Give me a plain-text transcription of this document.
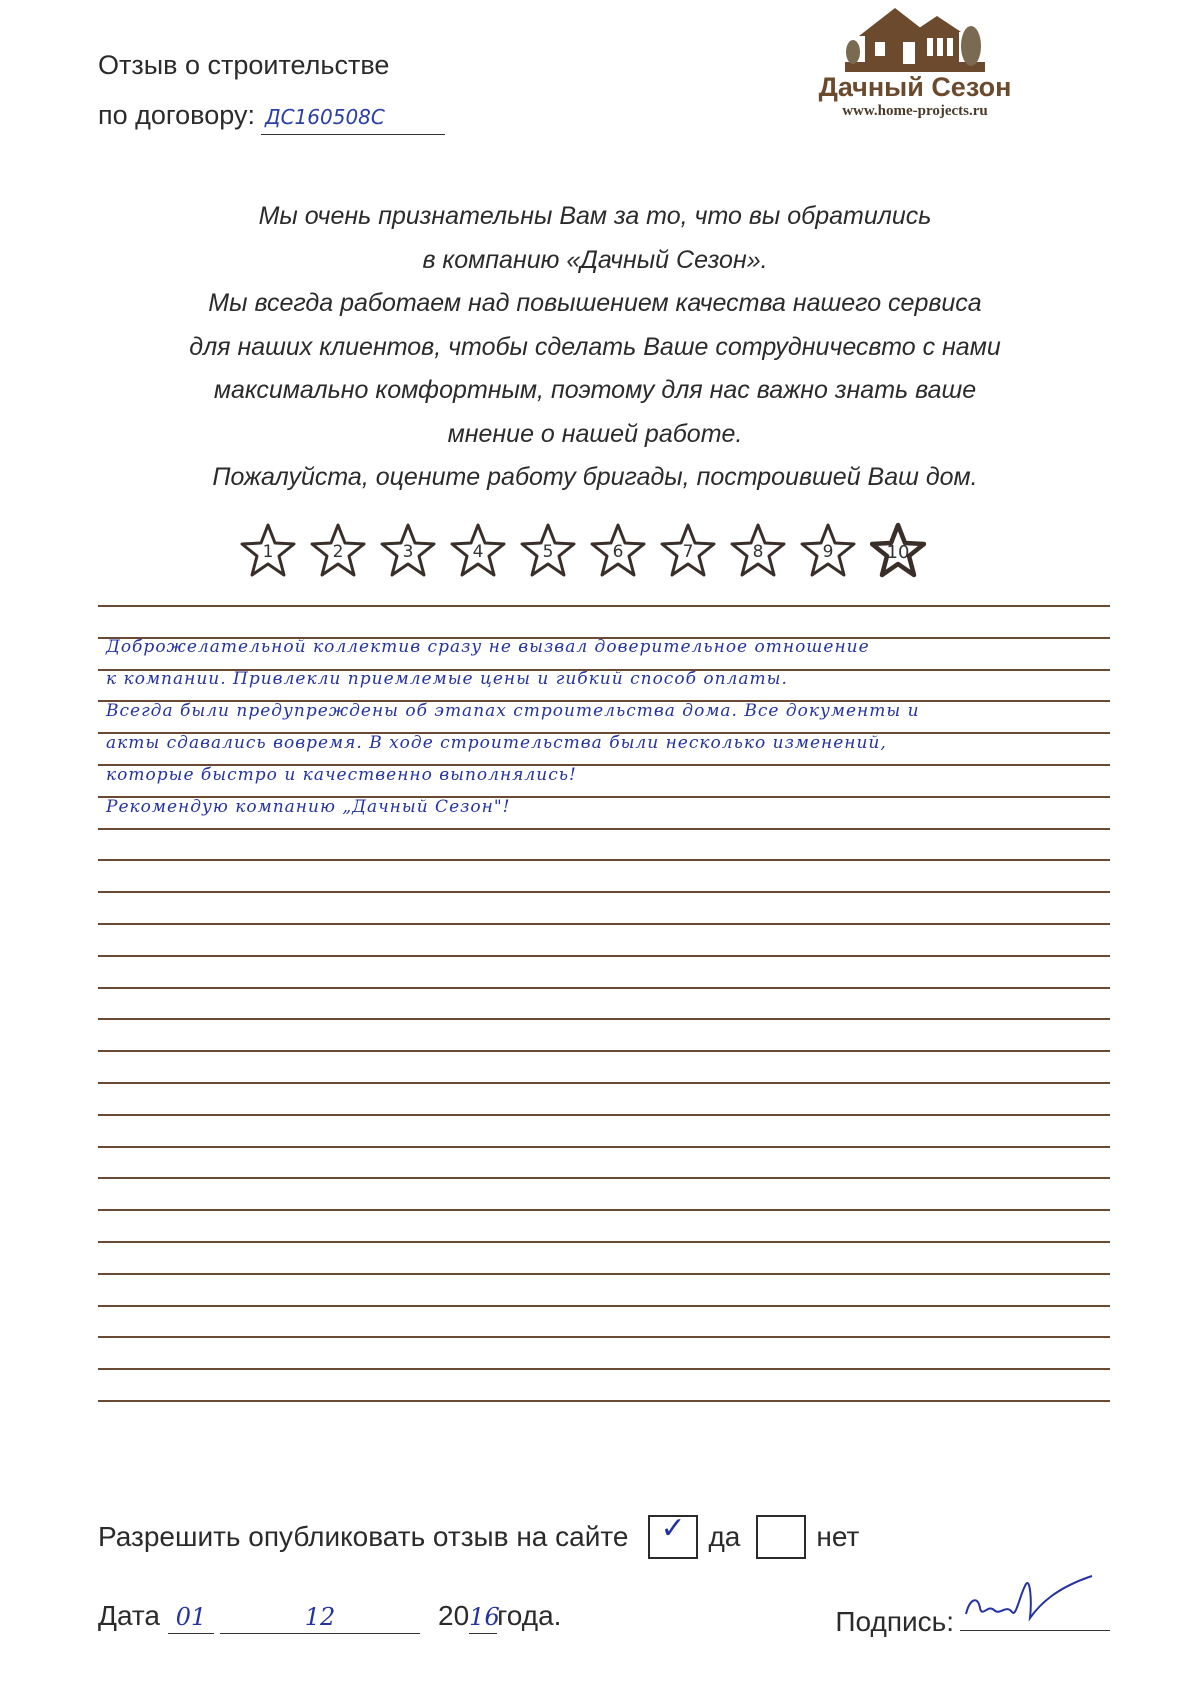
Отзыв о строительстве
по договору: ДС160508С
Дачный Сезон
www.home-projects.ru

Мы очень признательны Вам за то, что вы обратились

в компанию «Дачный Сезон».

Мы всегда работаем над повышением качества нашего сервиса

для наших клиентов, чтобы сделать Ваше сотрудничесвто с нами

максимально комфортным, поэтому для нас важно знать ваше

мнение о нашей работе.

Пожалуйста, оцените работу бригады, построившей Ваш дом.

1	2	3	4	5	6	7	8	9	10
Доброжелательной коллектив сразу не вызвал доверительное отношение
к компании. Привлекли приемлемые цены и гибкий способ оплаты.
Всегда были предупреждены об этапах строительства дома. Все документы и
акты сдавались вовремя. В ходе строительства были несколько изменений,
которые быстро и качественно выполнялись!
Рекомендую компанию „Дачный Сезон"!
Разрешить опубликовать отзыв на сайте ✓ да	нет
Дата 01	12	20 16
года.	Подпись:
